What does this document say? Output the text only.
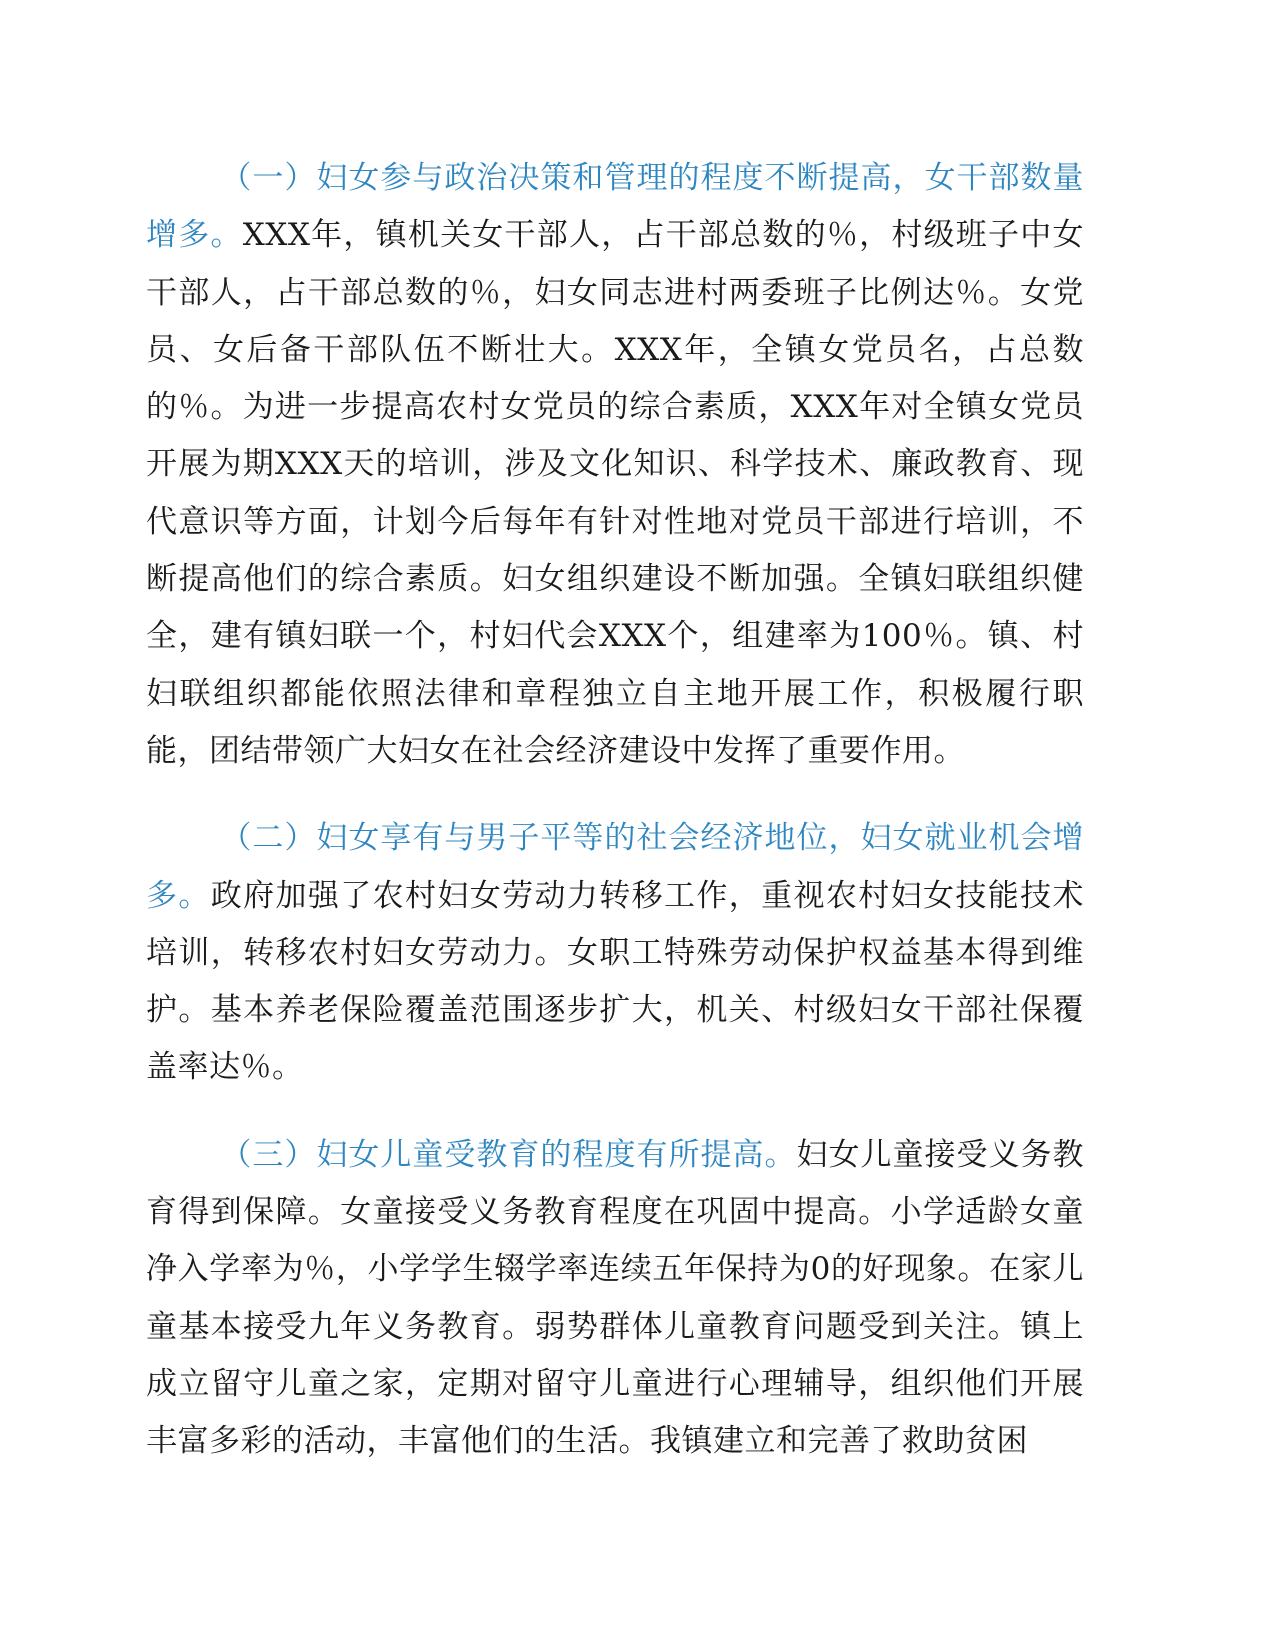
（一）妇女参与政治决策和管理的程度不断提高，女干部数量增多。XXX年，镇机关女干部人，占干部总数的％，村级班子中女干部人，占干部总数的％，妇女同志进村两委班子比例达％。女党员、女后备干部队伍不断壮大。XXX年，全镇女党员名，占总数的％。为进一步提高农村女党员的综合素质，XXX年对全镇女党员开展为期XXX天的培训，涉及文化知识、科学技术、廉政教育、现代意识等方面，计划今后每年有针对性地对党员干部进行培训，不断提高他们的综合素质。妇女组织建设不断加强。全镇妇联组织健全，建有镇妇联一个，村妇代会XXX个，组建率为100％。镇、村妇联组织都能依照法律和章程独立自主地开展工作，积极履行职能，团结带领广大妇女在社会经济建设中发挥了重要作用。

（二）妇女享有与男子平等的社会经济地位，妇女就业机会增多。政府加强了农村妇女劳动力转移工作，重视农村妇女技能技术培训，转移农村妇女劳动力。女职工特殊劳动保护权益基本得到维护。基本养老保险覆盖范围逐步扩大，机关、村级妇女干部社保覆盖率达％。

（三）妇女儿童受教育的程度有所提高。妇女儿童接受义务教育得到保障。女童接受义务教育程度在巩固中提高。小学适龄女童净入学率为％，小学学生辍学率连续五年保持为0的好现象。在家儿童基本接受九年义务教育。弱势群体儿童教育问题受到关注。镇上成立留守儿童之家，定期对留守儿童进行心理辅导，组织他们开展丰富多彩的活动，丰富他们的生活。我镇建立和完善了救助贫困
